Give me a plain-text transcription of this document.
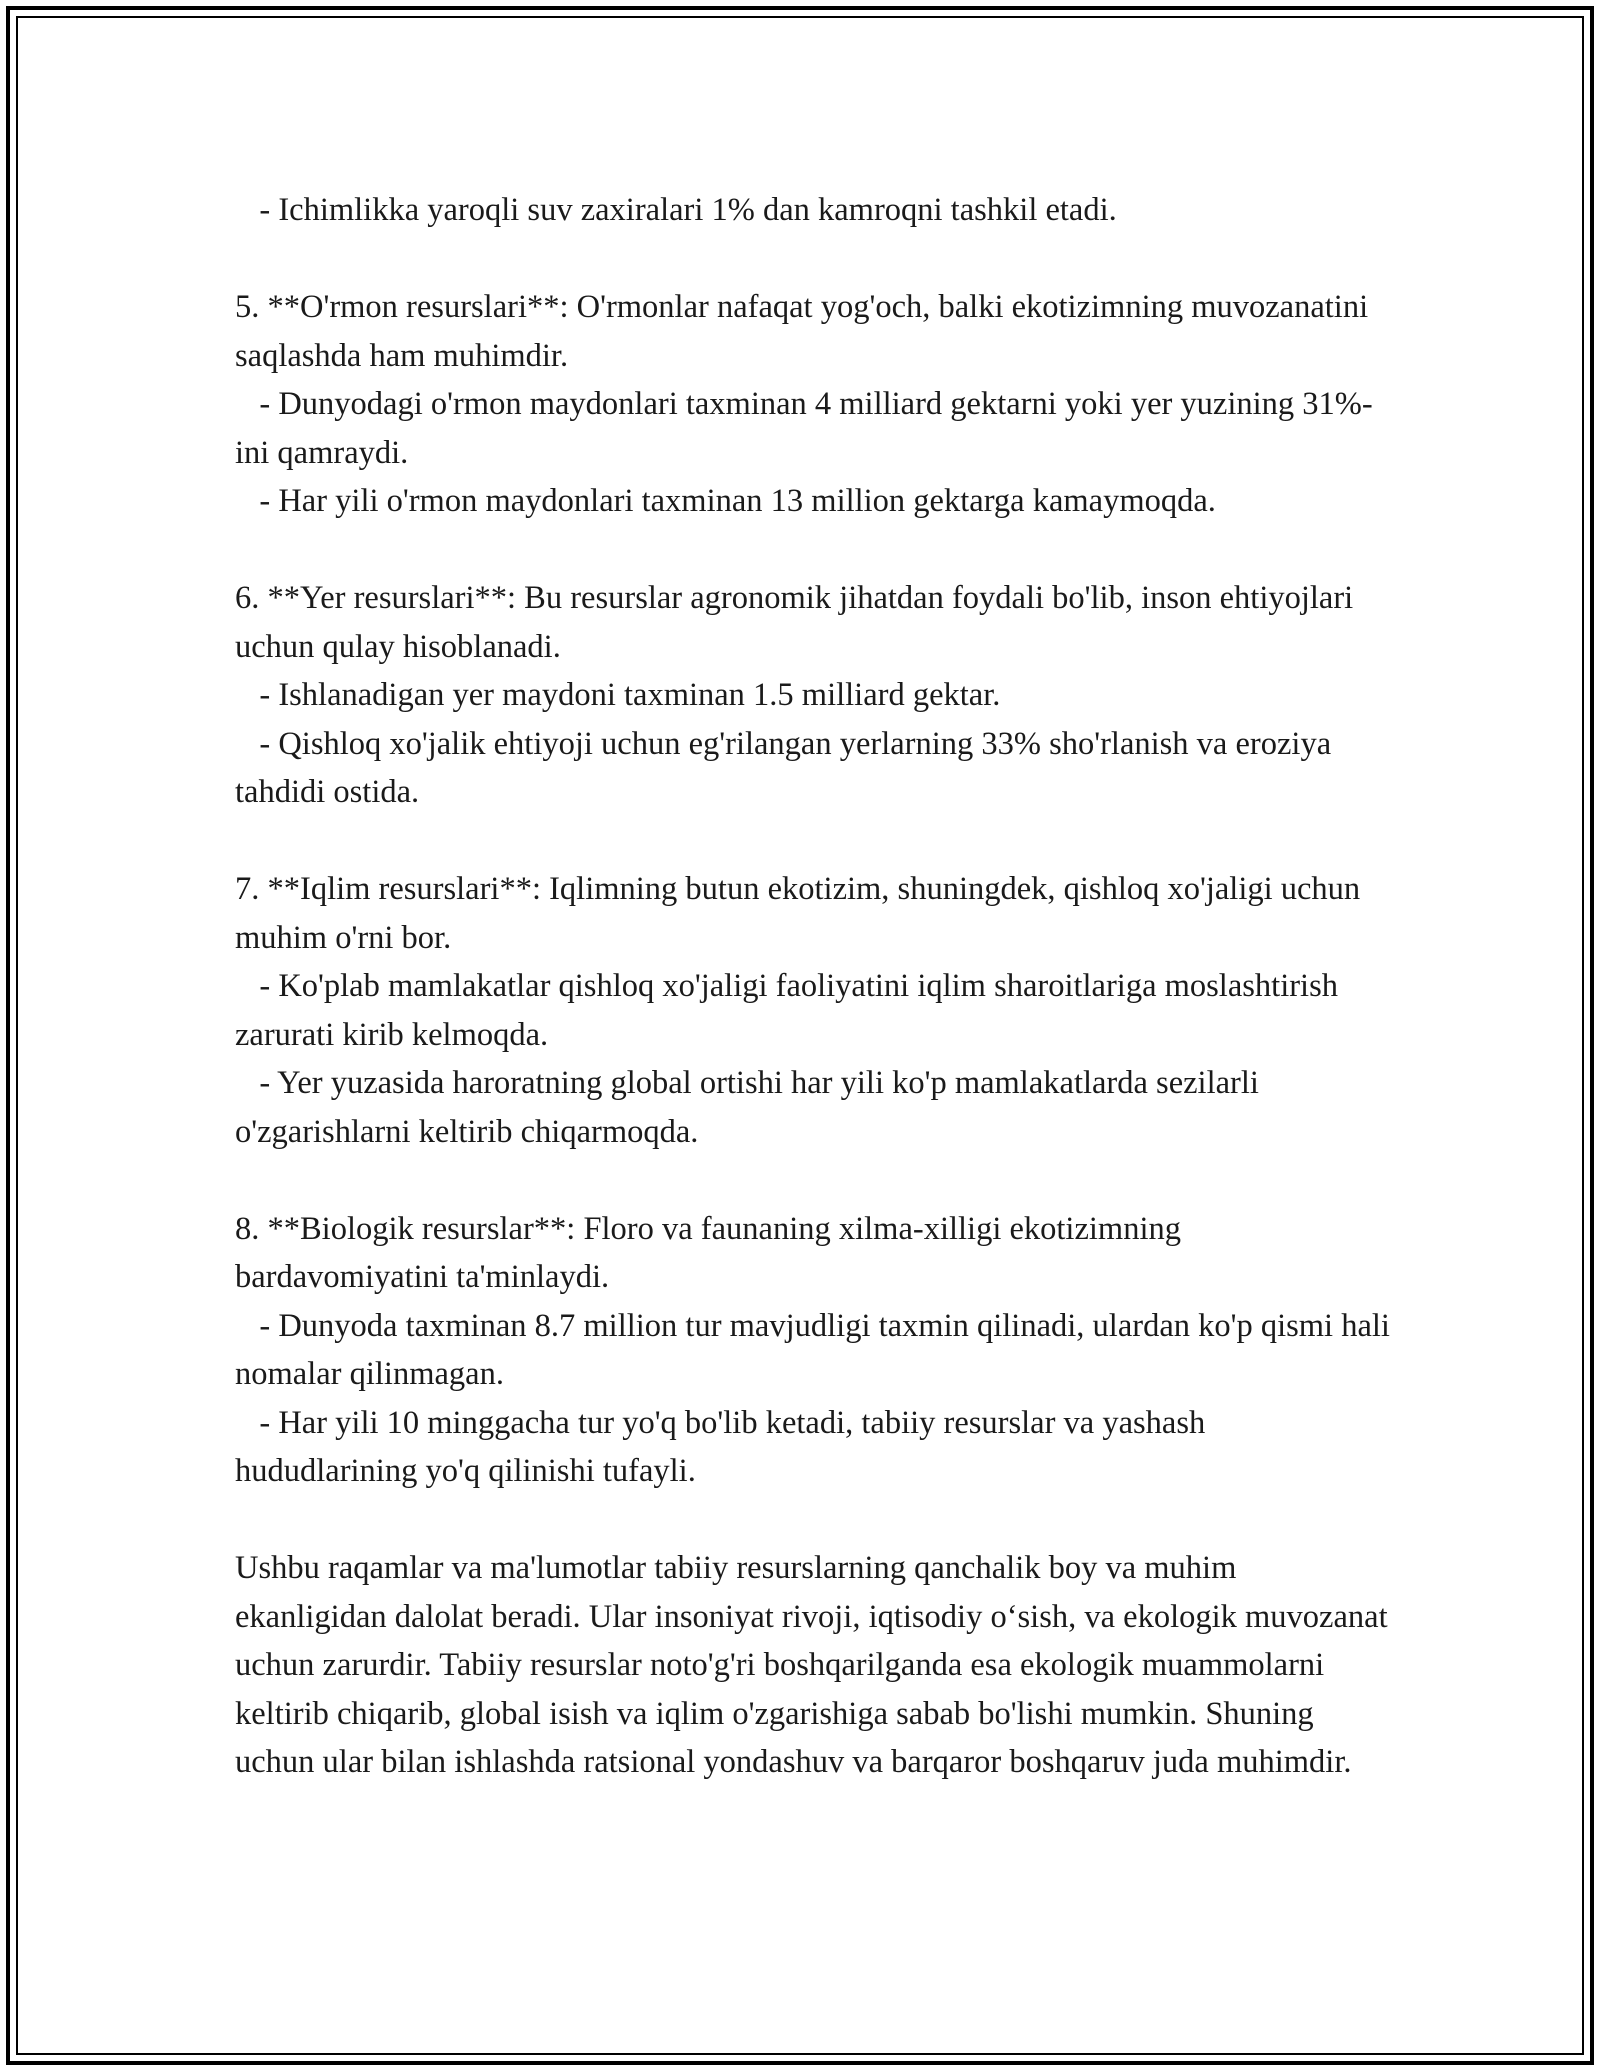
- Ichimlikka yaroqli suv zaxiralari 1% dan kamroqni tashkil etadi.

5. **O'rmon resurslari**: O'rmonlar nafaqat yog'och, balki ekotizimning muvozanatini saqlashda ham muhimdir.

- Dunyodagi o'rmon maydonlari taxminan 4 milliard gektarni yoki yer yuzining 31%-ini qamraydi.

- Har yili o'rmon maydonlari taxminan 13 million gektarga kamaymoqda.

6. **Yer resurslari**: Bu resurslar agronomik jihatdan foydali bo'lib, inson ehtiyojlari uchun qulay hisoblanadi.

- Ishlanadigan yer maydoni taxminan 1.5 milliard gektar.

- Qishloq xo'jalik ehtiyoji uchun eg'rilangan yerlarning 33% sho'rlanish va eroziya tahdidi ostida.

7. **Iqlim resurslari**: Iqlimning butun ekotizim, shuningdek, qishloq xo'jaligi uchun muhim o'rni bor.

- Ko'plab mamlakatlar qishloq xo'jaligi faoliyatini iqlim sharoitlariga moslashtirish zarurati kirib kelmoqda.

- Yer yuzasida haroratning global ortishi har yili ko'p mamlakatlarda sezilarli o'zgarishlarni keltirib chiqarmoqda.

8. **Biologik resurslar**: Floro va faunaning xilma-xilligi ekotizimning bardavomiyatini ta'minlaydi.

- Dunyoda taxminan 8.7 million tur mavjudligi taxmin qilinadi, ulardan ko'p qismi hali nomalar qilinmagan.

- Har yili 10 minggacha tur yo'q bo'lib ketadi, tabiiy resurslar va yashash hududlarining yo'q qilinishi tufayli.

Ushbu raqamlar va ma'lumotlar tabiiy resurslarning qanchalik boy va muhim ekanligidan dalolat beradi. Ular insoniyat rivoji, iqtisodiy o‘sish, va ekologik muvozanat uchun zarurdir. Tabiiy resurslar noto'g'ri boshqarilganda esa ekologik muammolarni keltirib chiqarib, global isish va iqlim o'zgarishiga sabab bo'lishi mumkin. Shuning uchun ular bilan ishlashda ratsional yondashuv va barqaror boshqaruv juda muhimdir.
